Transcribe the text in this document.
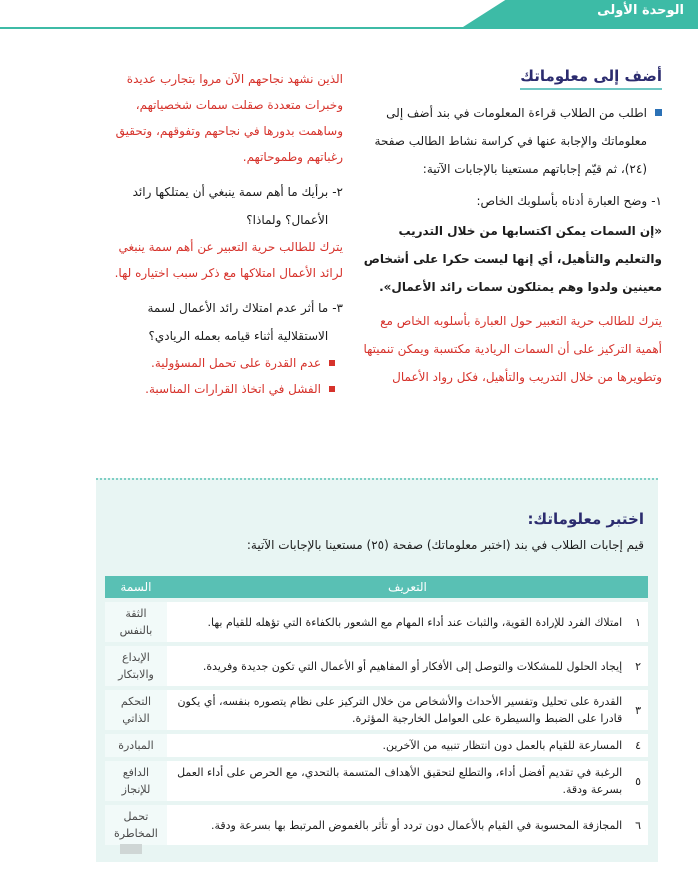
الوحدة الأولى
أضف إلى معلوماتك
اطلب من الطلاب قراءة المعلومات في بند أضف إلى معلوماتك والإجابة عنها في كراسة نشاط الطالب صفحة (٢٤)، ثم قيّم إجاباتهم مستعينا بالإجابات الآتية:
١-
وضح العبارة أدناه بأسلوبك الخاص:
«إن السمات يمكن اكتسابها من خلال التدريب والتعليم والتأهيل، أي إنها ليست حكرا على أشخاص معينين ولدوا وهم يمتلكون سمات رائد الأعمال».
يترك للطالب حرية التعبير حول العبارة بأسلوبه الخاص مع أهمية التركيز على أن السمات الريادية مكتسبة ويمكن تنميتها وتطويرها من خلال التدريب والتأهيل، فكل رواد الأعمال
الذين نشهد نجاحهم الآن مروا بتجارب عديدة وخبرات متعددة صقلت سمات شخصياتهم، وساهمت بدورها في نجاحهم وتفوقهم، وتحقيق رغباتهم وطموحاتهم.
٢-
برأيك ما أهم سمة ينبغي أن يمتلكها رائد الأعمال؟ ولماذا؟
يترك للطالب حرية التعبير عن أهم سمة ينبغي لرائد الأعمال امتلاكها مع ذكر سبب اختياره لها.
٣-
ما أثر عدم امتلاك رائد الأعمال لسمة الاستقلالية أثناء قيامه بعمله الريادي؟
عدم القدرة على تحمل المسؤولية.
الفشل في اتخاذ القرارات المناسبة.
اختبر معلوماتك:
قيم إجابات الطلاب في بند (اختبر معلوماتك) صفحة (٢٥) مستعينا بالإجابات الآتية:
التعريف		السمة
١	امتلاك الفرد للإرادة القوية، والثبات عند أداء المهام مع الشعور بالكفاءة التي تؤهله للقيام بها.	الثقة بالنفس
٢	إيجاد الحلول للمشكلات والتوصل إلى الأفكار أو المفاهيم أو الأعمال التي تكون جديدة وفريدة.	الإبداع والابتكار
٣	القدرة على تحليل وتفسير الأحداث والأشخاص من خلال التركيز على نظام يتصوره بنفسه، أي يكون قادرا على الضبط والسيطرة على العوامل الخارجية المؤثرة.	التحكم الذاتي
٤	المسارعة للقيام بالعمل دون انتظار تنبيه من الآخرين.	المبادرة
٥	الرغبة في تقديم أفضل أداء، والتطلع لتحقيق الأهداف المتسمة بالتحدي، مع الحرص على أداء العمل بسرعة ودقة.	الدافع للإنجاز
٦	المجازفة المحسوبة في القيام بالأعمال دون تردد أو تأثر بالغموض المرتبط بها بسرعة ودقة.	تحمل المخاطرة
